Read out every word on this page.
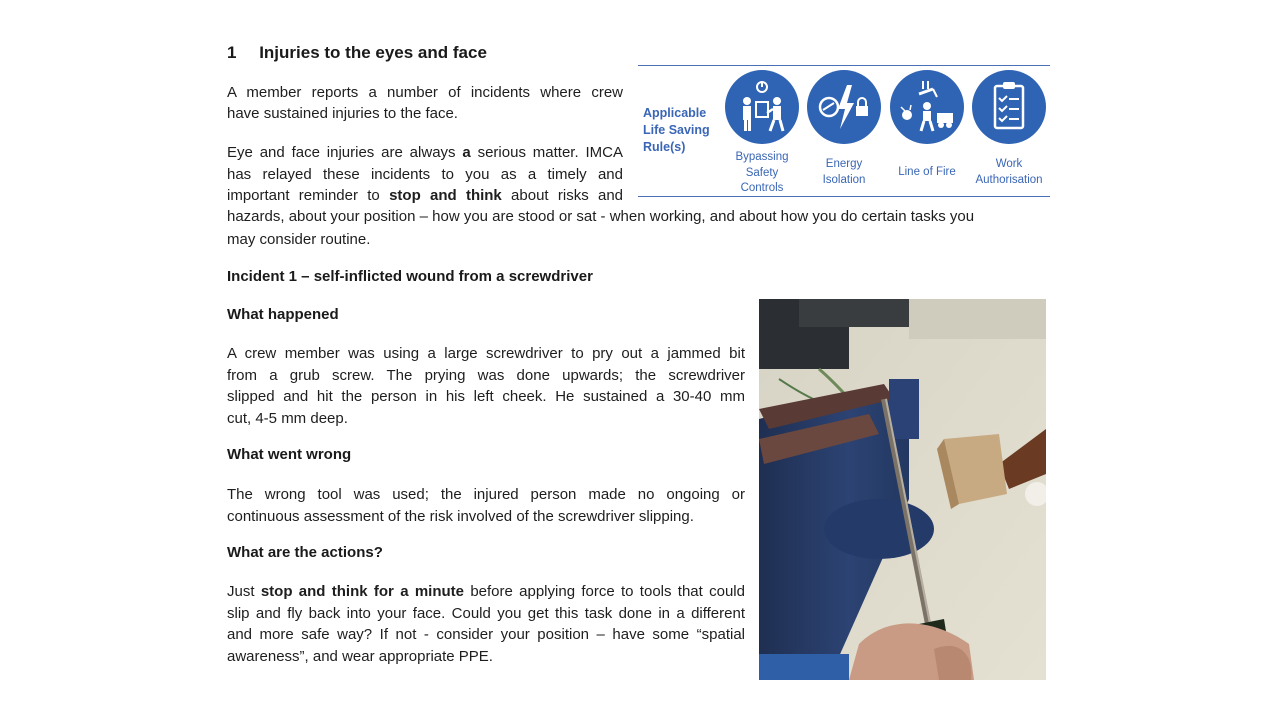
1 Injuries to the eyes and face
A member reports a number of incidents where crew
have sustained injuries to the face.
Eye and face injuries are always a serious matter. IMCA
has relayed these incidents to you as a timely and
important reminder to stop and think about risks and
hazards, about your position – how you are stood or sat - when working, and about how you do certain tasks you
may consider routine.
Applicable
Life Saving
Rule(s)
Bypassing
Safety
Controls
Energy
Isolation
Line of Fire
Work
Authorisation
Incident 1 – self-inflicted wound from a screwdriver
What happened
A crew member was using a large screwdriver to pry out a jammed bit
from a grub screw. The prying was done upwards; the screwdriver
slipped and hit the person in his left cheek. He sustained a 30-40 mm
cut, 4-5 mm deep.
What went wrong
The wrong tool was used; the injured person made no ongoing or
continuous assessment of the risk involved of the screwdriver slipping.
What are the actions?
Just stop and think for a minute before applying force to tools that could
slip and fly back into your face. Could you get this task done in a different
and more safe way? If not - consider your position – have some “spatial
awareness”, and wear appropriate PPE.
